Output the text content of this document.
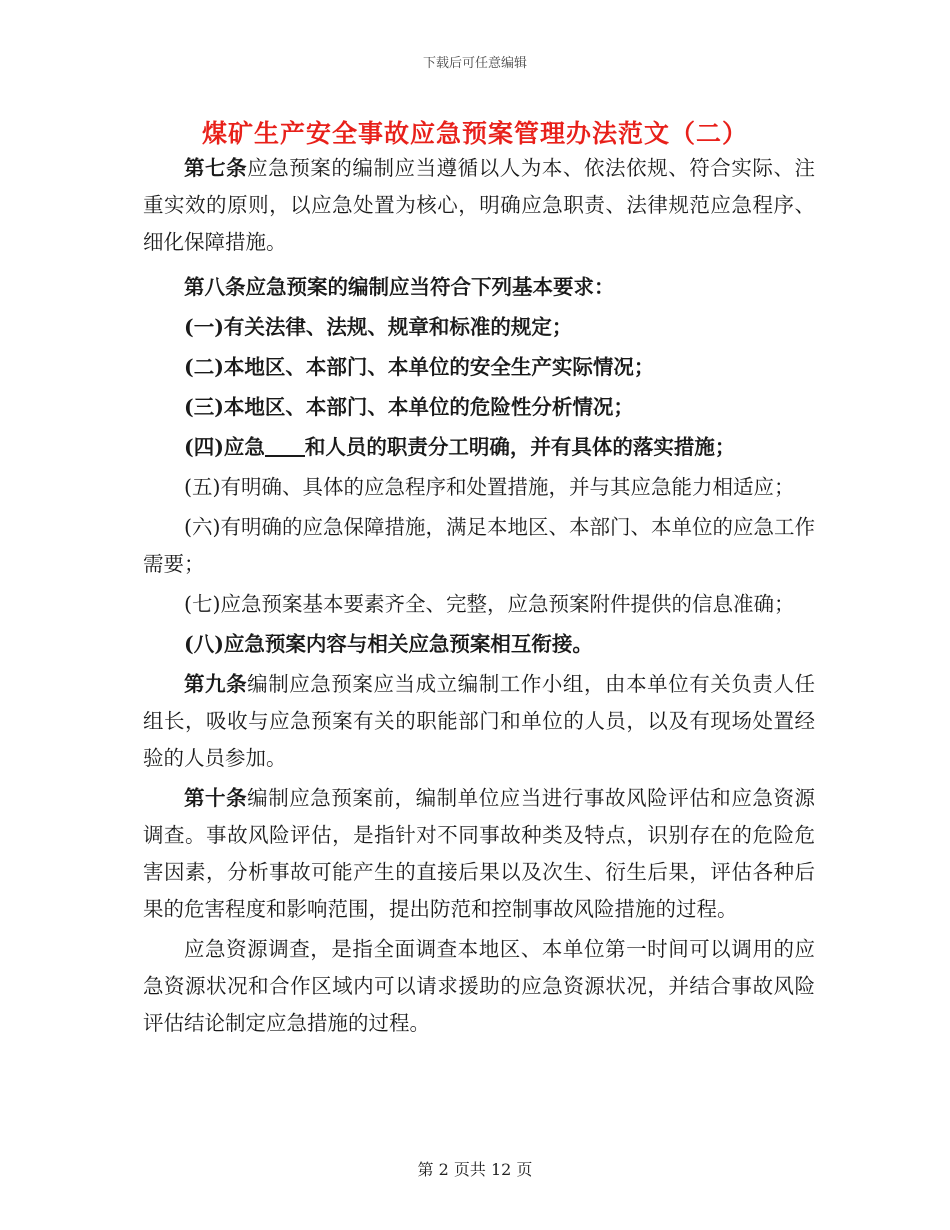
下载后可任意编辑
煤矿生产安全事故应急预案管理办法范文（二）

第七条应急预案的编制应当遵循以人为本、依法依规、符合实际、注重实效的原则，以应急处置为核心，明确应急职责、法律规范应急程序、细化保障措施。

第八条应急预案的编制应当符合下列基本要求：

(一)有关法律、法规、规章和标准的规定；

(二)本地区、本部门、本单位的安全生产实际情况；

(三)本地区、本部门、本单位的危险性分析情况；

(四)应急 和人员的职责分工明确，并有具体的落实措施；

(五)有明确、具体的应急程序和处置措施，并与其应急能力相适应；

(六)有明确的应急保障措施，满足本地区、本部门、本单位的应急工作需要；

(七)应急预案基本要素齐全、完整，应急预案附件提供的信息准确；

(八)应急预案内容与相关应急预案相互衔接。

第九条编制应急预案应当成立编制工作小组，由本单位有关负责人任组长，吸收与应急预案有关的职能部门和单位的人员，以及有现场处置经验的人员参加。

第十条编制应急预案前，编制单位应当进行事故风险评估和应急资源调查。事故风险评估，是指针对不同事故种类及特点，识别存在的危险危害因素，分析事故可能产生的直接后果以及次生、衍生后果，评估各种后果的危害程度和影响范围，提出防范和控制事故风险措施的过程。

应急资源调查，是指全面调查本地区、本单位第一时间可以调用的应急资源状况和合作区域内可以请求援助的应急资源状况，并结合事故风险评估结论制定应急措施的过程。

第 2 页共 12 页
